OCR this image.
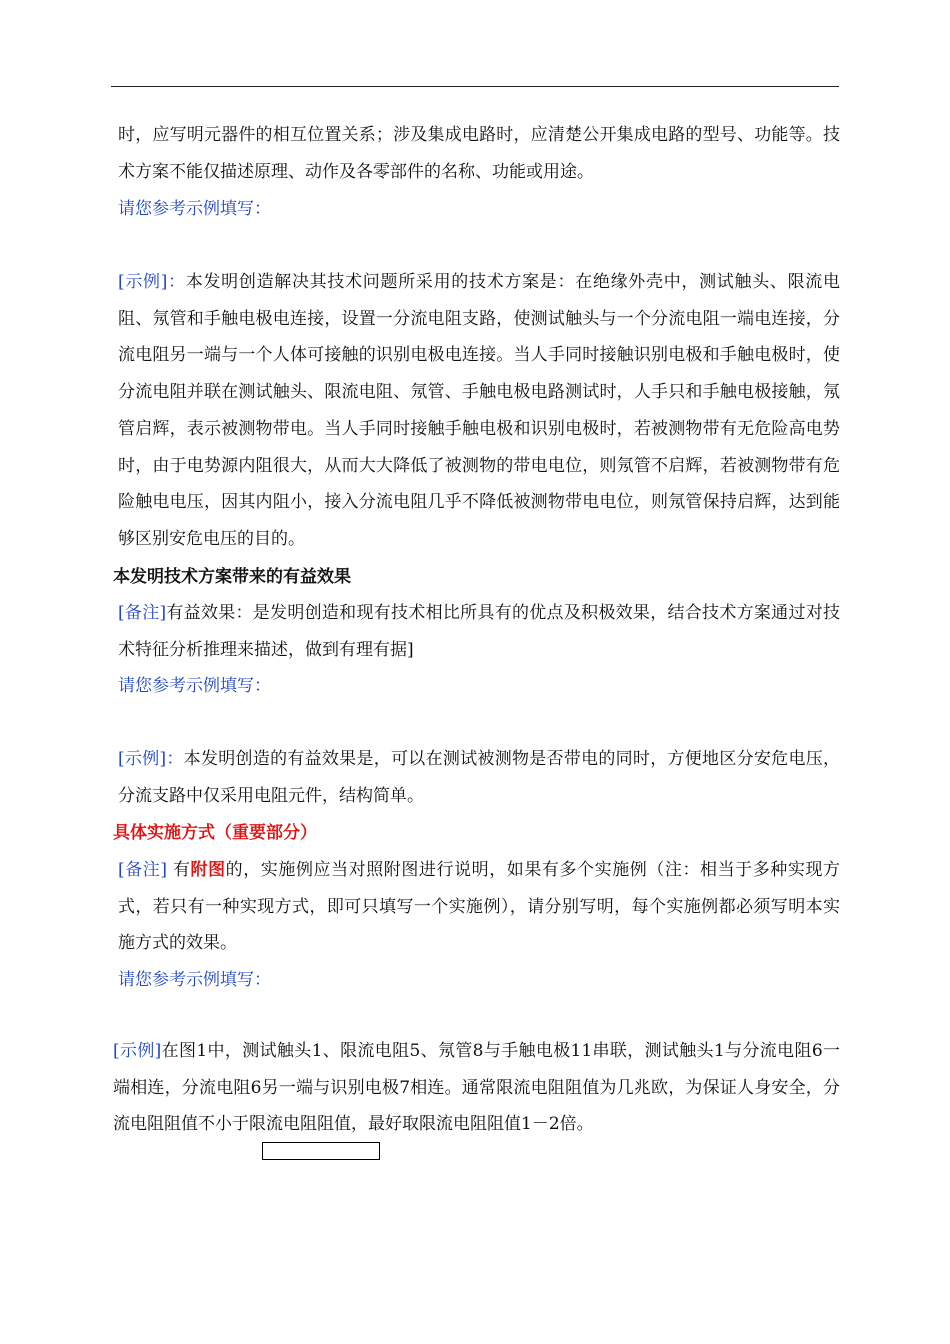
时，应写明元器件的相互位置关系；涉及集成电路时，应清楚公开集成电路的型号、功能等。技术方案不能仅描述原理、动作及各零部件的名称、功能或用途。

请您参考示例填写：

[示例]：本发明创造解决其技术问题所采用的技术方案是：在绝缘外壳中，测试触头、限流电阻、氖管和手触电极电连接，设置一分流电阻支路，使测试触头与一个分流电阻一端电连接，分流电阻另一端与一个人体可接触的识别电极电连接。当人手同时接触识别电极和手触电极时，使分流电阻并联在测试触头、限流电阻、氖管、手触电极电路测试时，人手只和手触电极接触，氖管启辉，表示被测物带电。当人手同时接触手触电极和识别电极时，若被测物带有无危险高电势时，由于电势源内阻很大，从而大大降低了被测物的带电电位，则氖管不启辉，若被测物带有危险触电电压，因其内阻小，接入分流电阻几乎不降低被测物带电电位，则氖管保持启辉，达到能够区别安危电压的目的。

本发明技术方案带来的有益效果

[备注]有益效果：是发明创造和现有技术相比所具有的优点及积极效果，结合技术方案通过对技术特征分析推理来描述，做到有理有据]

请您参考示例填写：

[示例]：本发明创造的有益效果是，可以在测试被测物是否带电的同时，方便地区分安危电压，分流支路中仅采用电阻元件，结构简单。

具体实施方式（重要部分）

[备注] 有附图的，实施例应当对照附图进行说明，如果有多个实施例（注：相当于多种实现方式，若只有一种实现方式，即可只填写一个实施例），请分别写明，每个实施例都必须写明本实施方式的效果。

请您参考示例填写：

[示例]在图1中，测试触头1、限流电阻5、氖管8与手触电极11串联，测试触头1与分流电阻6一端相连，分流电阻6另一端与识别电极7相连。通常限流电阻阻值为几兆欧，为保证人身安全，分流电阻阻值不小于限流电阻阻值，最好取限流电阻阻值1－2倍。
